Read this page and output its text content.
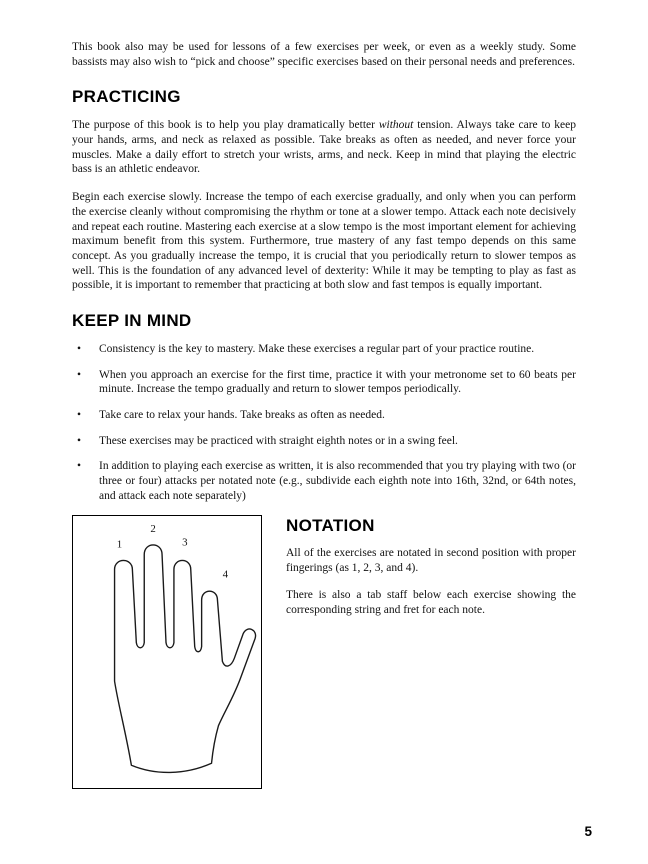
This book also may be used for lessons of a few exercises per week, or even as a weekly study. Some bassists may also wish to “pick and choose” specific exercises based on their personal needs and preferences.

PRACTICING

The purpose of this book is to help you play dramatically better without tension. Always take care to keep your hands, arms, and neck as relaxed as possible. Take breaks as often as needed, and never force your muscles. Make a daily effort to stretch your wrists, arms, and neck. Keep in mind that playing the electric bass is an athletic endeavor.

Begin each exercise slowly. Increase the tempo of each exercise gradually, and only when you can perform the exercise cleanly without compromising the rhythm or tone at a slower tempo. Attack each note decisively and repeat each routine. Mastering each exercise at a slow tempo is the most important element for achieving maximum benefit from this system. Furthermore, true mastery of any fast tempo depends on this same concept. As you gradually increase the tempo, it is crucial that you periodically return to slower tempos as well. This is the foundation of any advanced level of dexterity: While it may be tempting to play as fast as possible, it is important to remember that practicing at both slow and fast tempos is equally important.

KEEP IN MIND
•	Consistency is the key to mastery. Make these exercises a regular part of your practice routine.
•	When you approach an exercise for the first time, practice it with your metronome set to 60 beats per minute. Increase the tempo gradually and return to slower tempos periodically.
•	Take care to relax your hands. Take breaks as often as needed.
•	These exercises may be practiced with straight eighth notes or in a swing feel.
•	In addition to playing each exercise as written, it is also recommended that you try playing with two (or three or four) attacks per notated note (e.g., subdivide each eighth note into 16th, 32nd, or 64th notes, and attack each note separately)
1
2
3
4
NOTATION

All of the exercises are notated in second position with proper fingerings (as 1, 2, 3, and 4).

There is also a tab staff below each exercise showing the corresponding string and fret for each note.

5
